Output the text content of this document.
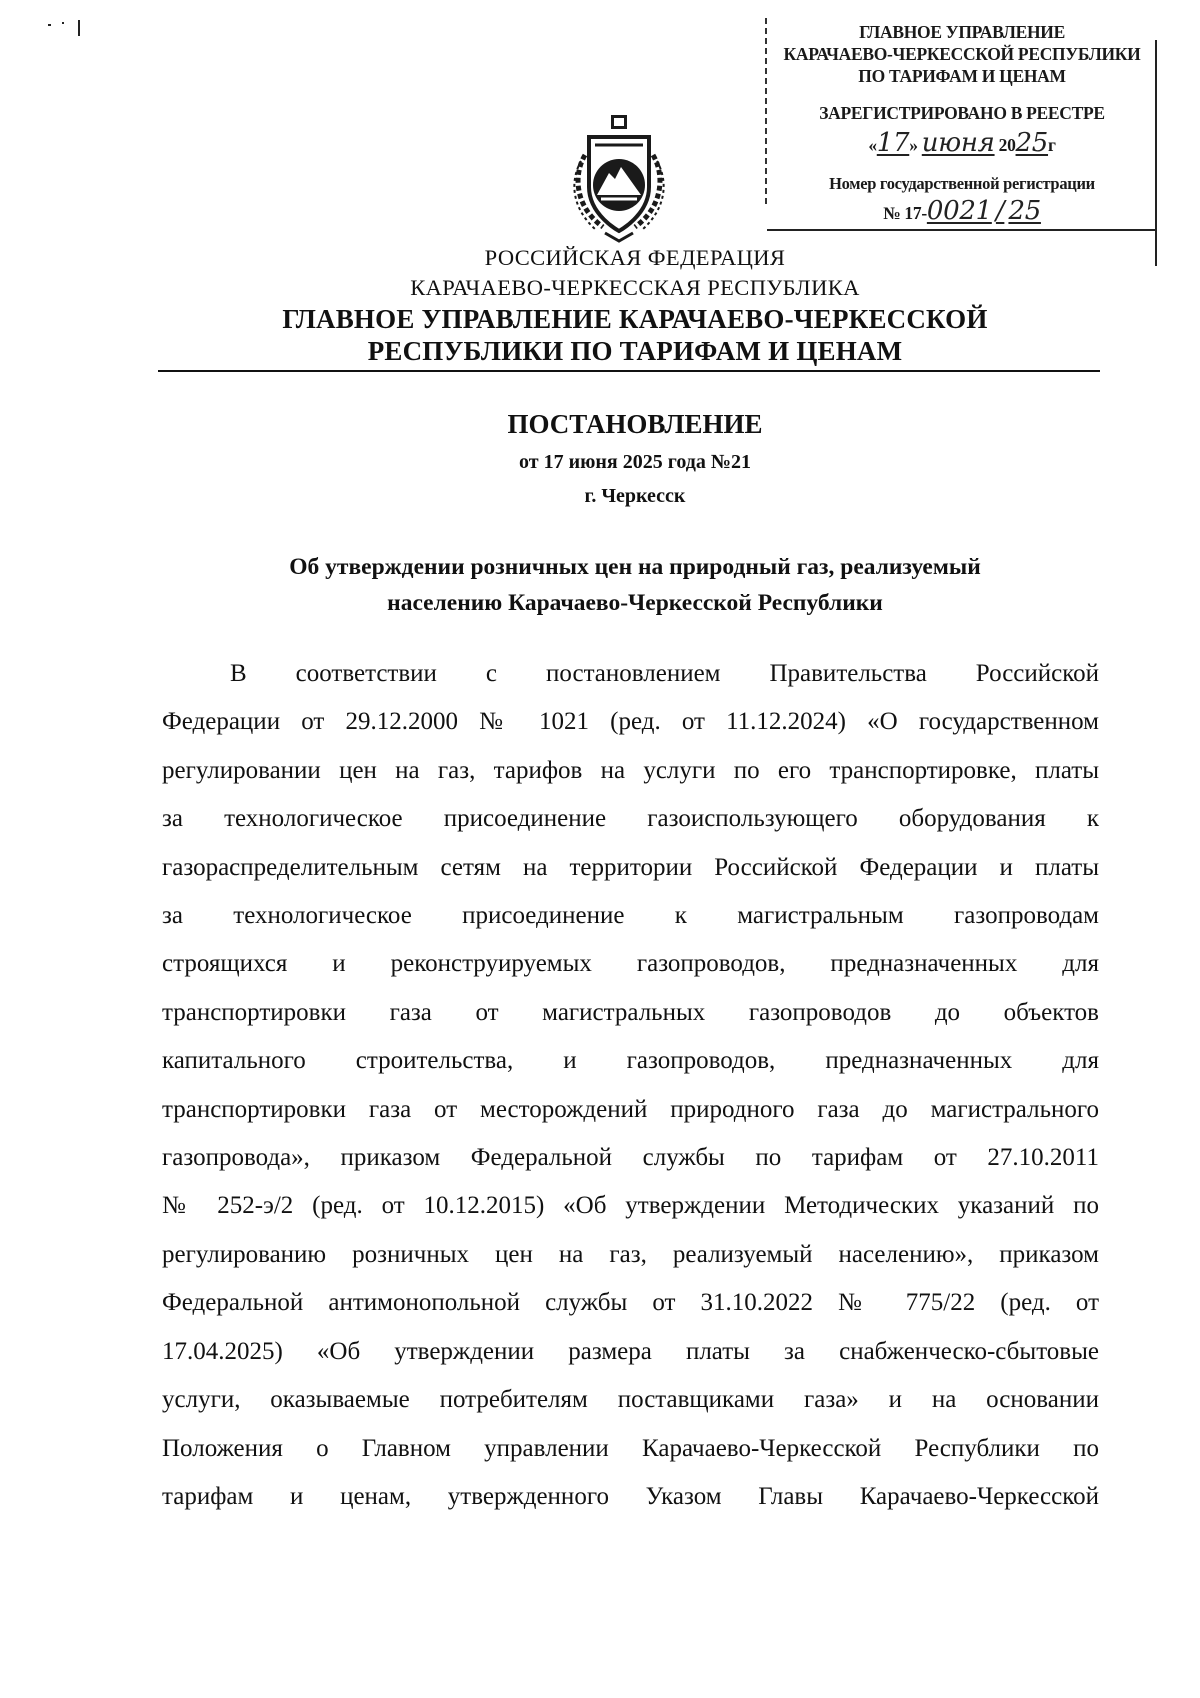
ГЛАВНОЕ УПРАВЛЕНИЕ
КАРАЧАЕВО-ЧЕРКЕССКОЙ РЕСПУБЛИКИ
ПО ТАРИФАМ И ЦЕНАМ
ЗАРЕГИСТРИРОВАНО В РЕЕСТРЕ
«17» июня 2025г
Номер государственной регистрации
№ 17-0021 / 25
РОССИЙСКАЯ ФЕДЕРАЦИЯ
КАРАЧАЕВО-ЧЕРКЕССКАЯ РЕСПУБЛИКА
ГЛАВНОЕ УПРАВЛЕНИЕ КАРАЧАЕВО-ЧЕРКЕССКОЙ
РЕСПУБЛИКИ ПО ТАРИФАМ И ЦЕНАМ
ПОСТАНОВЛЕНИЕ
от 17 июня 2025 года №21
г. Черкесск
Об утверждении розничных цен на природный газ, реализуемый
населению Карачаево-Черкесской Республики
В соответствии с постановлением Правительства Российской
Федерации от 29.12.2000 № 1021 (ред. от 11.12.2024) «О государственном
регулировании цен на газ, тарифов на услуги по его транспортировке, платы
за технологическое присоединение газоиспользующего оборудования к
газораспределительным сетям на территории Российской Федерации и платы
за технологическое присоединение к магистральным газопроводам
строящихся и реконструируемых газопроводов, предназначенных для
транспортировки газа от магистральных газопроводов до объектов
капитального строительства, и газопроводов, предназначенных для
транспортировки газа от месторождений природного газа до магистрального
газопровода», приказом Федеральной службы по тарифам от 27.10.2011
№ 252-э/2 (ред. от 10.12.2015) «Об утверждении Методических указаний по
регулированию розничных цен на газ, реализуемый населению», приказом
Федеральной антимонопольной службы от 31.10.2022 № 775/22 (ред. от
17.04.2025) «Об утверждении размера платы за снабженческо-сбытовые
услуги, оказываемые потребителям поставщиками газа» и на основании
Положения о Главном управлении Карачаево-Черкесской Республики по
тарифам и ценам, утвержденного Указом Главы Карачаево-Черкесской
